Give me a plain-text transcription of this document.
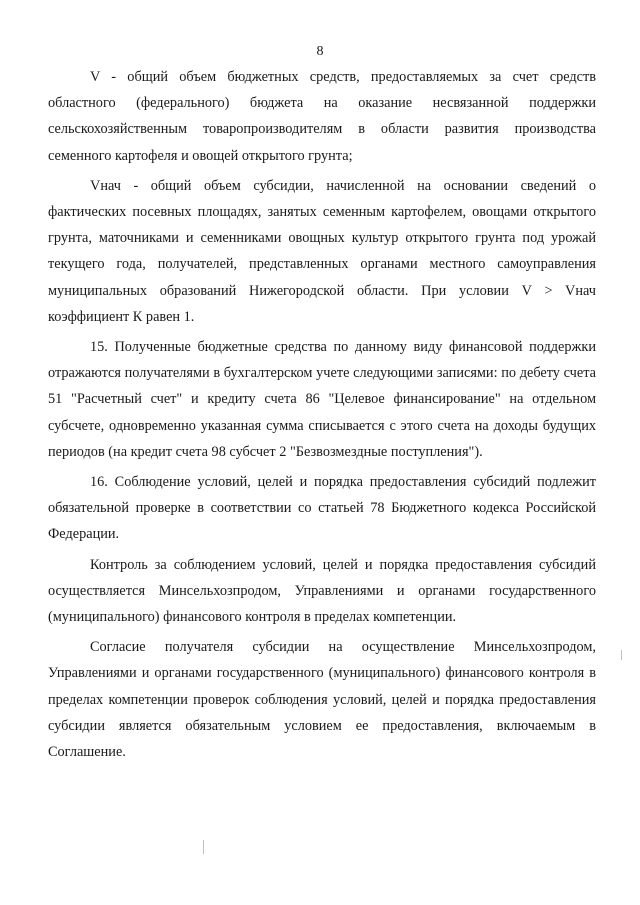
8

V - общий объем бюджетных средств, предоставляемых за счет средств областного (федерального) бюджета на оказание несвязанной поддержки сельскохозяйственным товаропроизводителям в области развития производства семенного картофеля и овощей открытого грунта;

Vнач - общий объем субсидии, начисленной на основании сведений о фактических посевных площадях, занятых семенным картофелем, овощами открытого грунта, маточниками и семенниками овощных культур открытого грунта под урожай текущего года, получателей, представленных органами местного самоуправления муниципальных образований Нижегородской области. При условии V > Vнач коэффициент К равен 1.

15. Полученные бюджетные средства по данному виду финансовой поддержки отражаются получателями в бухгалтерском учете следующими записями: по дебету счета 51 "Расчетный счет" и кредиту счета 86 "Целевое финансирование" на отдельном субсчете, одновременно указанная сумма списывается с этого счета на доходы будущих периодов (на кредит счета 98 субсчет 2 "Безвозмездные поступления").

16. Соблюдение условий, целей и порядка предоставления субсидий подлежит обязательной проверке в соответствии со статьей 78 Бюджетного кодекса Российской Федерации.

Контроль за соблюдением условий, целей и порядка предоставления субсидий осуществляется Минсельхозпродом, Управлениями и органами государственного (муниципального) финансового контроля в пределах компетенции.

Согласие получателя субсидии на осуществление Минсельхозпродом, Управлениями и органами государственного (муниципального) финансового контроля в пределах компетенции проверок соблюдения условий, целей и порядка предоставления субсидии является обязательным условием ее предоставления, включаемым в Соглашение.
